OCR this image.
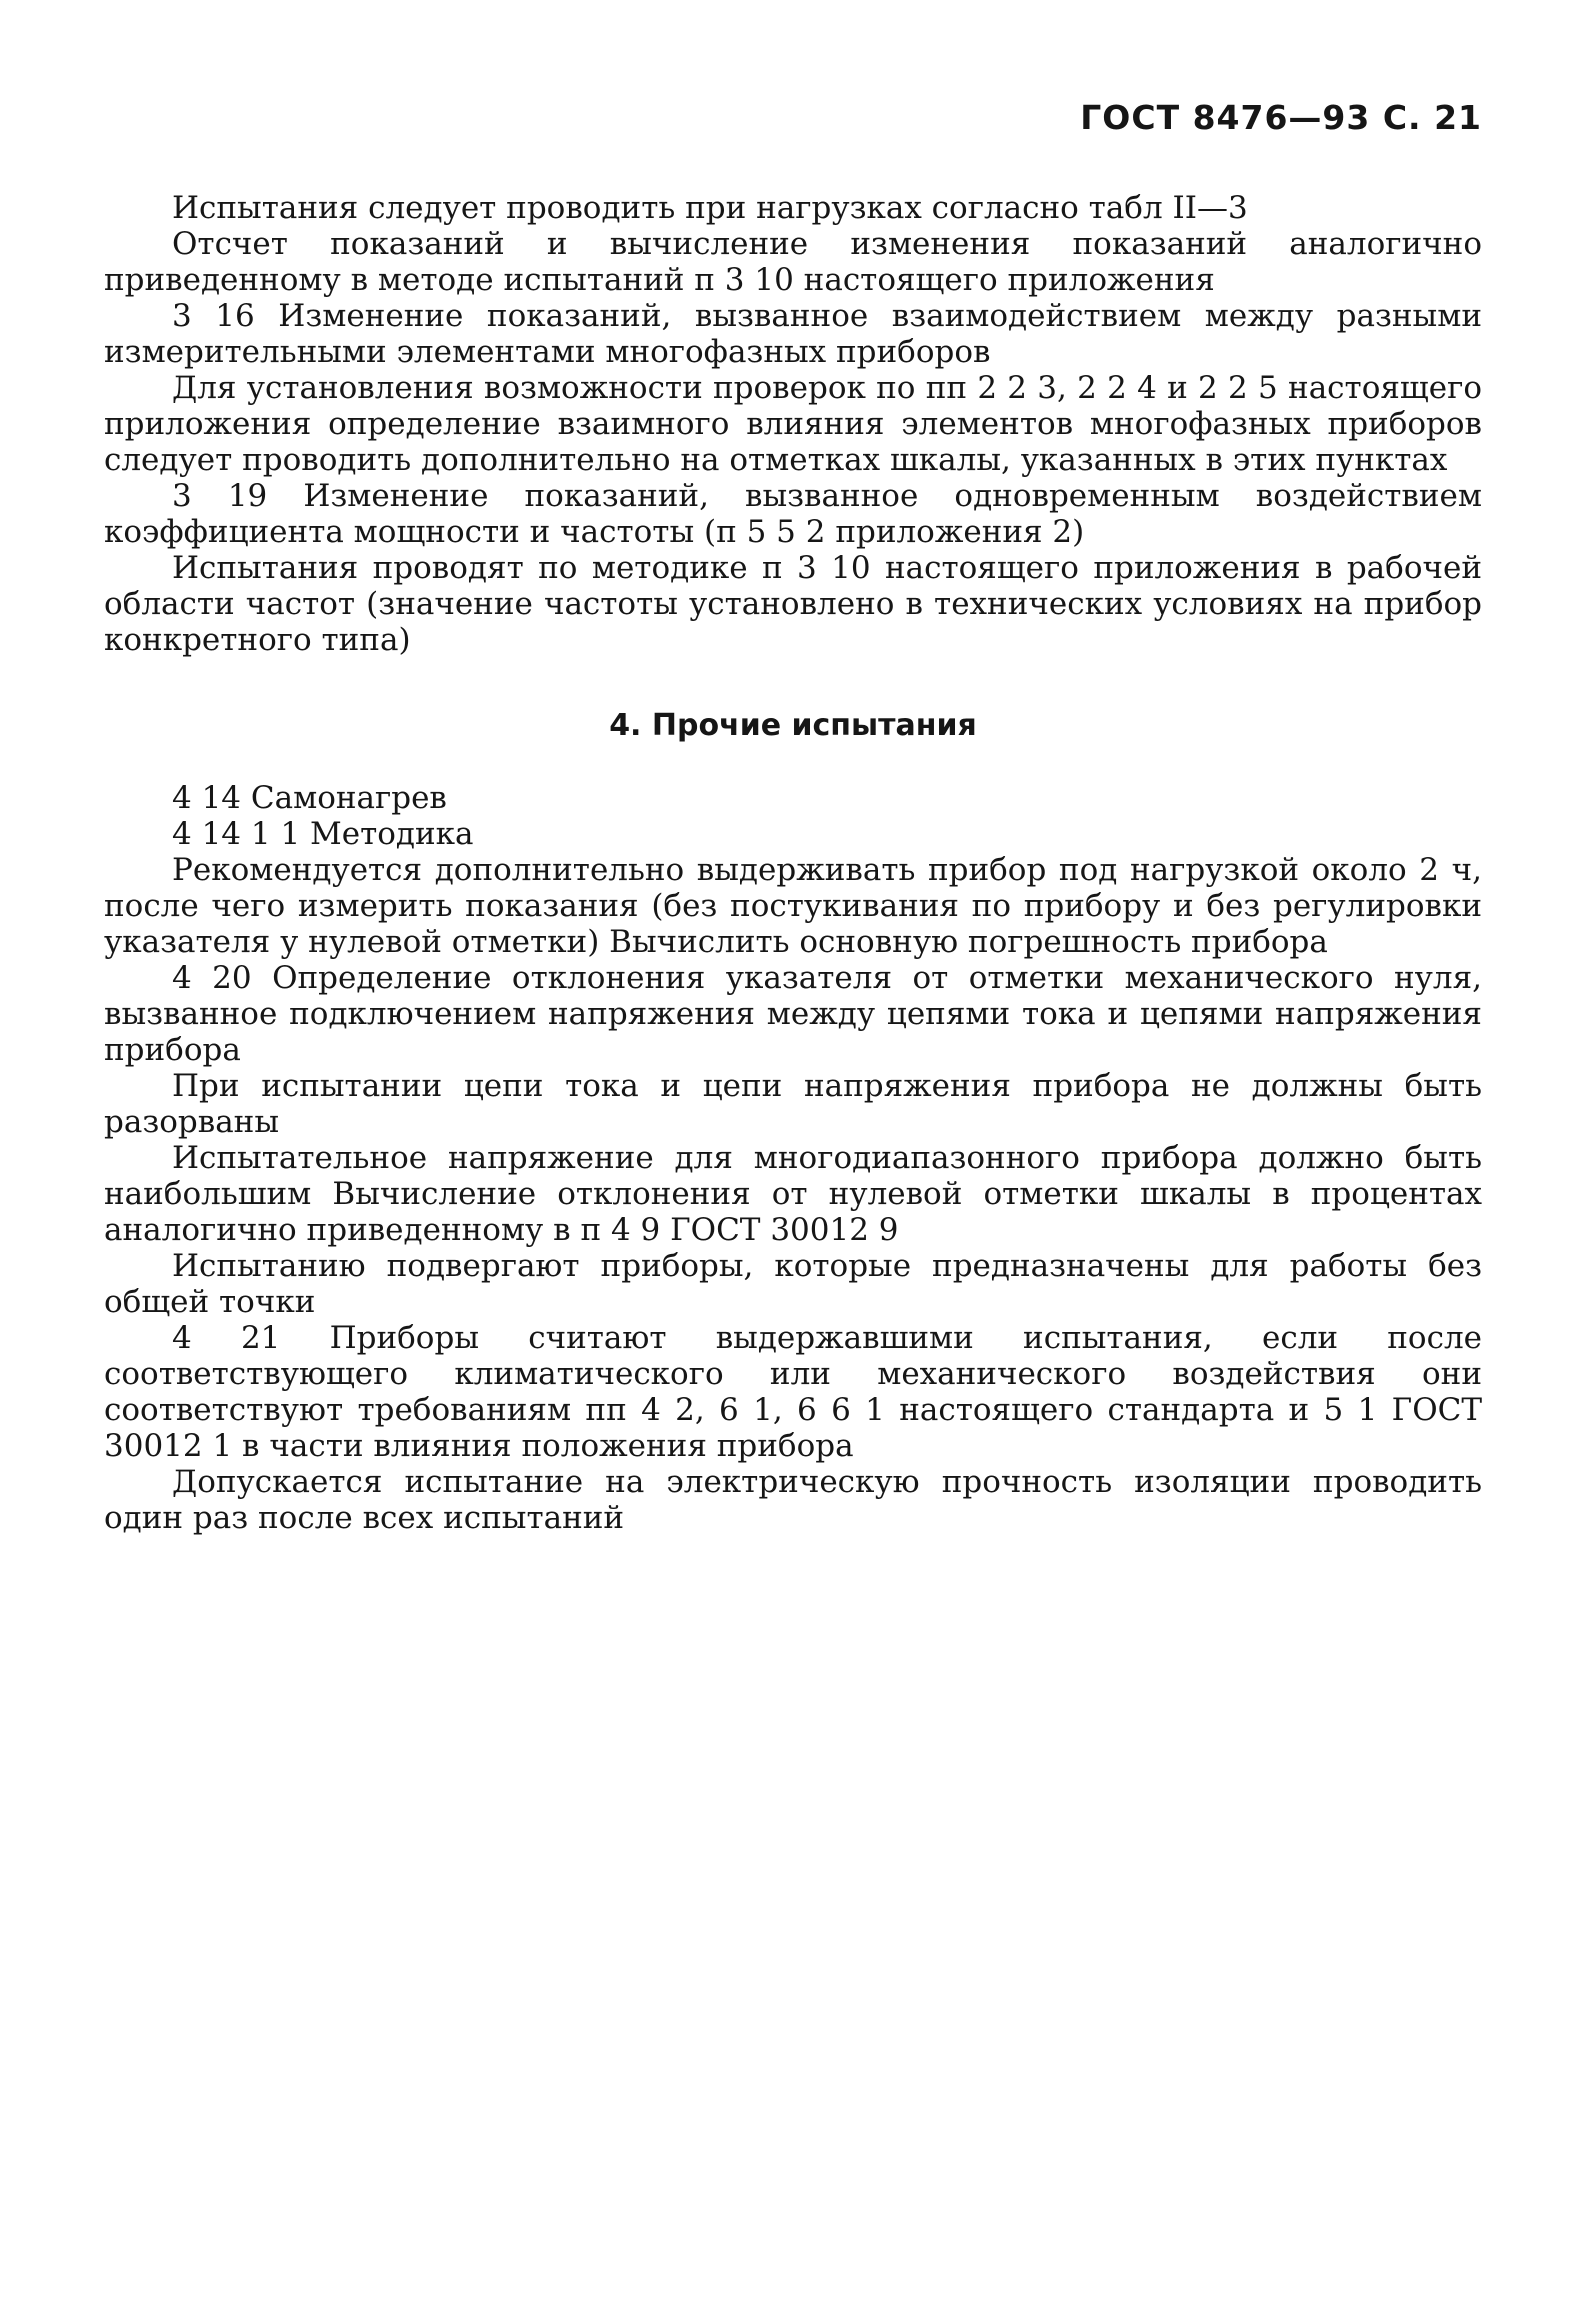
ГОСТ 8476—93 С. 21

Испытания следует проводить при нагрузках согласно табл II—3

Отсчет показаний и вычисление изменения показаний аналогично приведенному в методе испытаний п 3 10 настоящего приложения

3 16 Изменение показаний, вызванное взаимодействием между разными измерительными элементами многофазных приборов

Для установления возможности проверок по пп 2 2 3, 2 2 4 и 2 2 5 настоящего приложения определение взаимного влияния элементов многофазных приборов следует проводить дополнительно на отметках шкалы, указанных в этих пунктах

3 19 Изменение показаний, вызванное одновременным воздействием коэффициента мощности и частоты (п 5 5 2 приложения 2)

Испытания проводят по методике п 3 10 настоящего приложения в рабочей области частот (значение частоты установлено в технических условиях на прибор конкретного типа)

4. Прочие испытания

4 14 Самонагрев

4 14 1 1 Методика

Рекомендуется дополнительно выдерживать прибор под нагрузкой около 2 ч, после чего измерить показания (без постукивания по прибору и без регулировки указателя у нулевой отметки) Вычислить основную погрешность прибора

4 20 Определение отклонения указателя от отметки механического нуля, вызванное подключением напряжения между цепями тока и цепями напряжения прибора

При испытании цепи тока и цепи напряжения прибора не должны быть разорваны

Испытательное напряжение для многодиапазонного прибора должно быть наибольшим Вычисление отклонения от нулевой отметки шкалы в процентах аналогично приведенному в п 4 9 ГОСТ 30012 9

Испытанию подвергают приборы, которые предназначены для работы без общей точки

4 21 Приборы считают выдержавшими испытания, если после соответствующего климатического или механического воздействия они соответствуют требованиям пп 4 2, 6 1, 6 6 1 настоящего стандарта и 5 1 ГОСТ 30012 1 в части влияния положения прибора

Допускается испытание на электрическую прочность изоляции проводить один раз после всех испытаний
